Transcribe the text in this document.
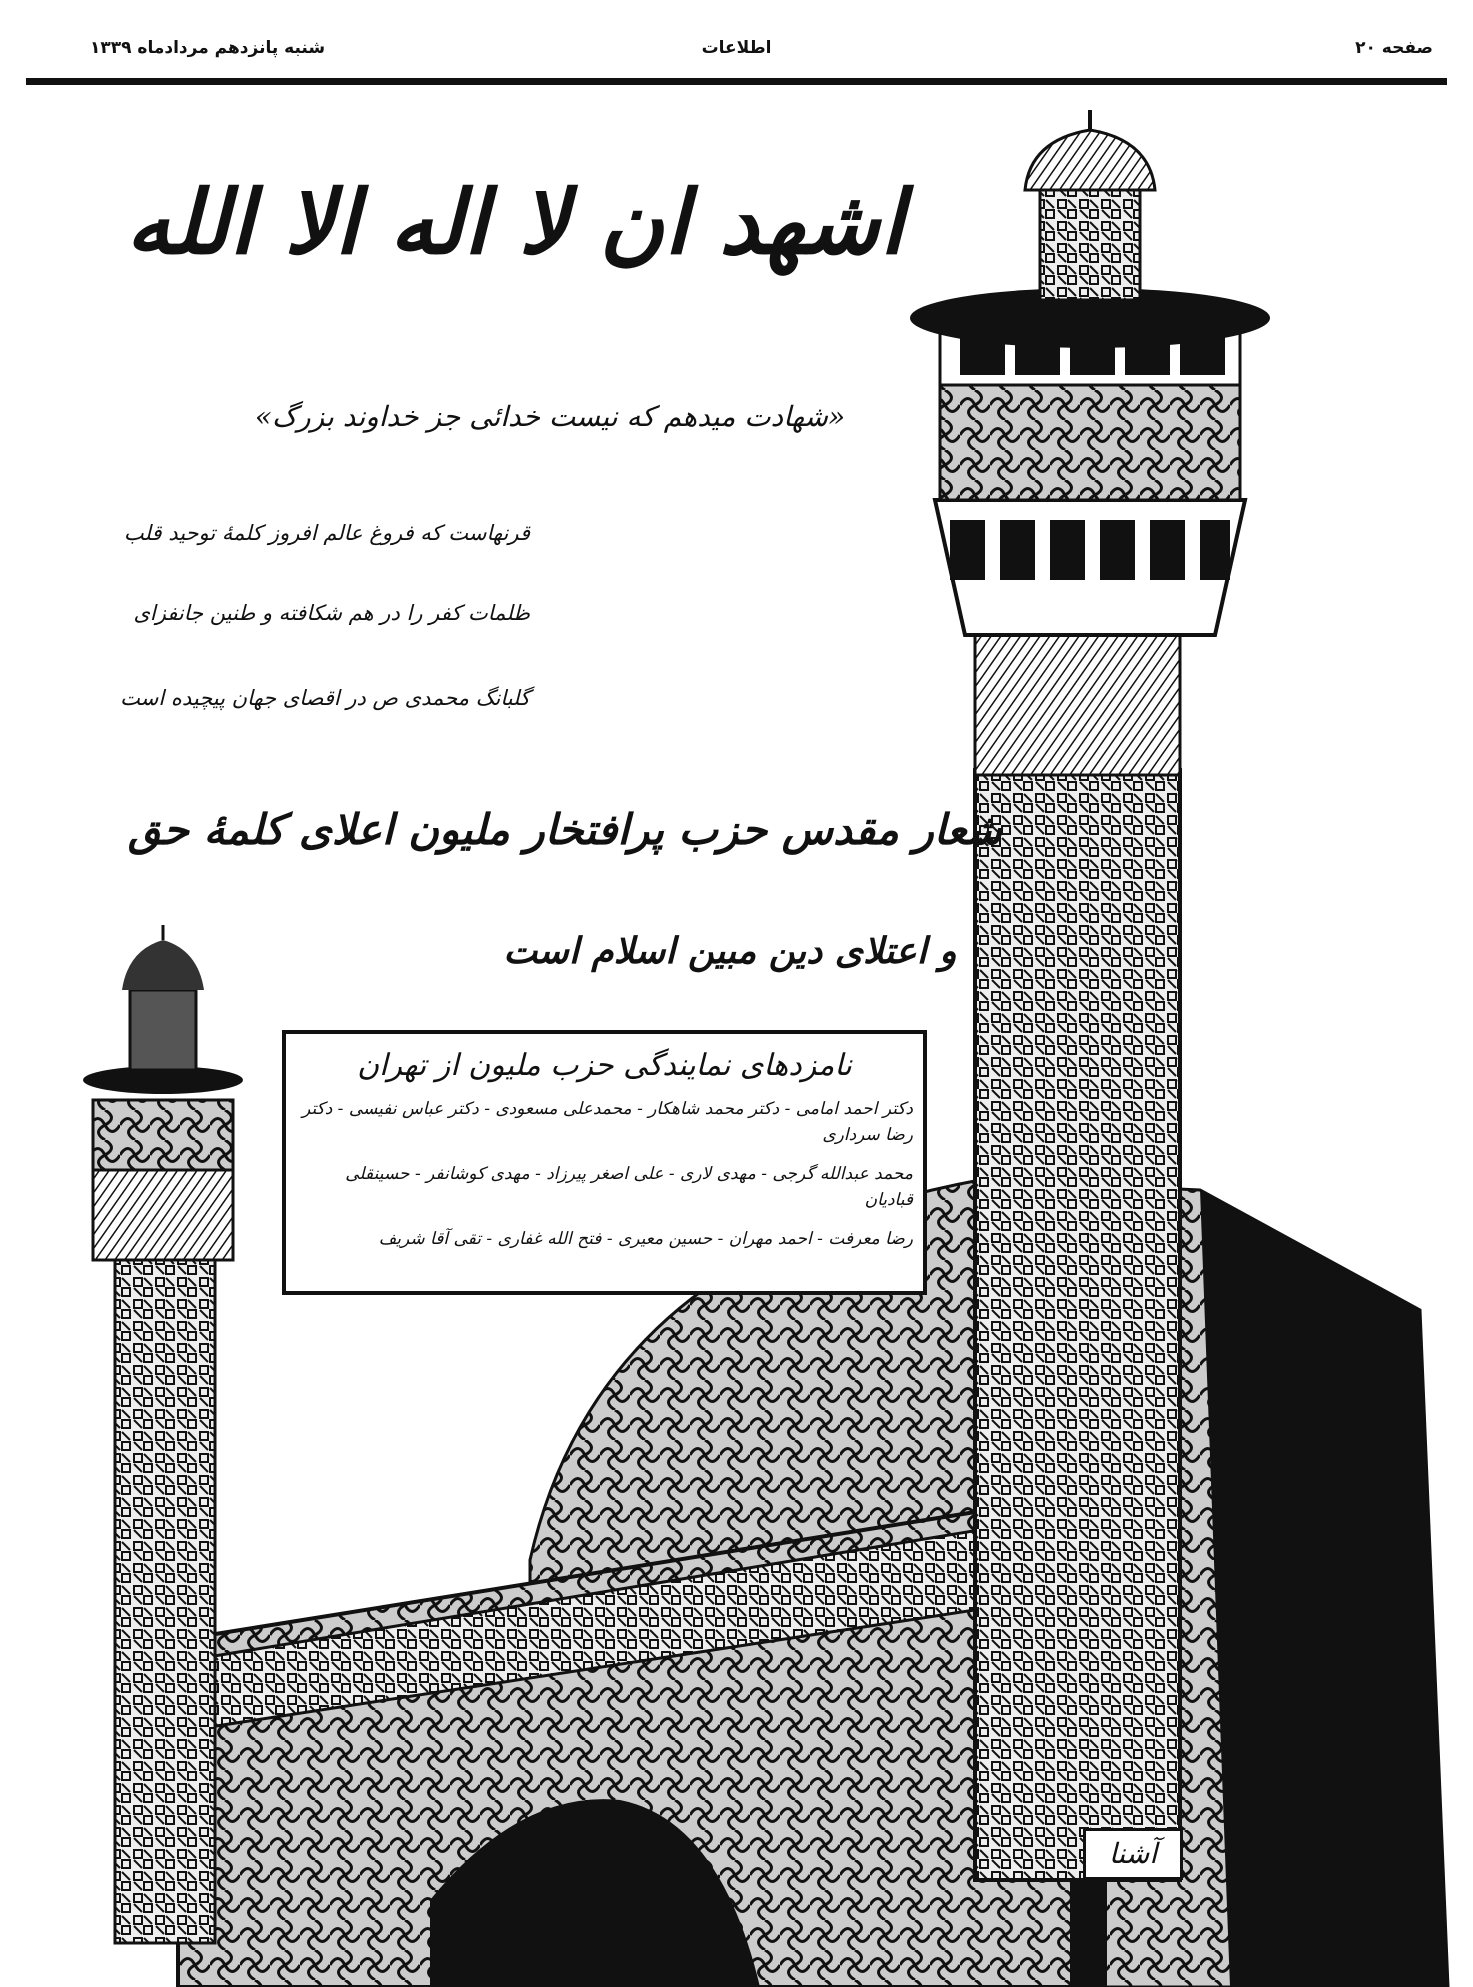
صفحه ۲۰
اطلاعات
شنبه پانزدهم مردادماه ۱۳۳۹
اشهد ان لا اله الا الله
«شهادت میدهم که نیست خدائی جز خداوند بزرگ»
قرنهاست که فروغ عالم افروز کلمهٔ توحید قلب
ظلمات کفر را در هم شکافته و طنین جانفزای
گلبانگ محمدی ص در اقصای جهان پیچیده است
شعار مقدس حزب پرافتخار ملیون اعلای کلمهٔ حق
و اعتلای دین مبین اسلام است
نامزدهای نمایندگی حزب ملیون از تهران
دکتر احمد امامی - دکتر محمد شاهکار - محمدعلی مسعودی - دکتر عباس نفیسی - دکتر رضا سرداری
محمد عبدالله گرجی - مهدی لاری - علی اصغر پیرزاد - مهدی کوشانفر - حسینقلی قبادیان
رضا معرفت - احمد مهران - حسین معیری - فتح الله غفاری - تقی آقا شریف
آشنا
